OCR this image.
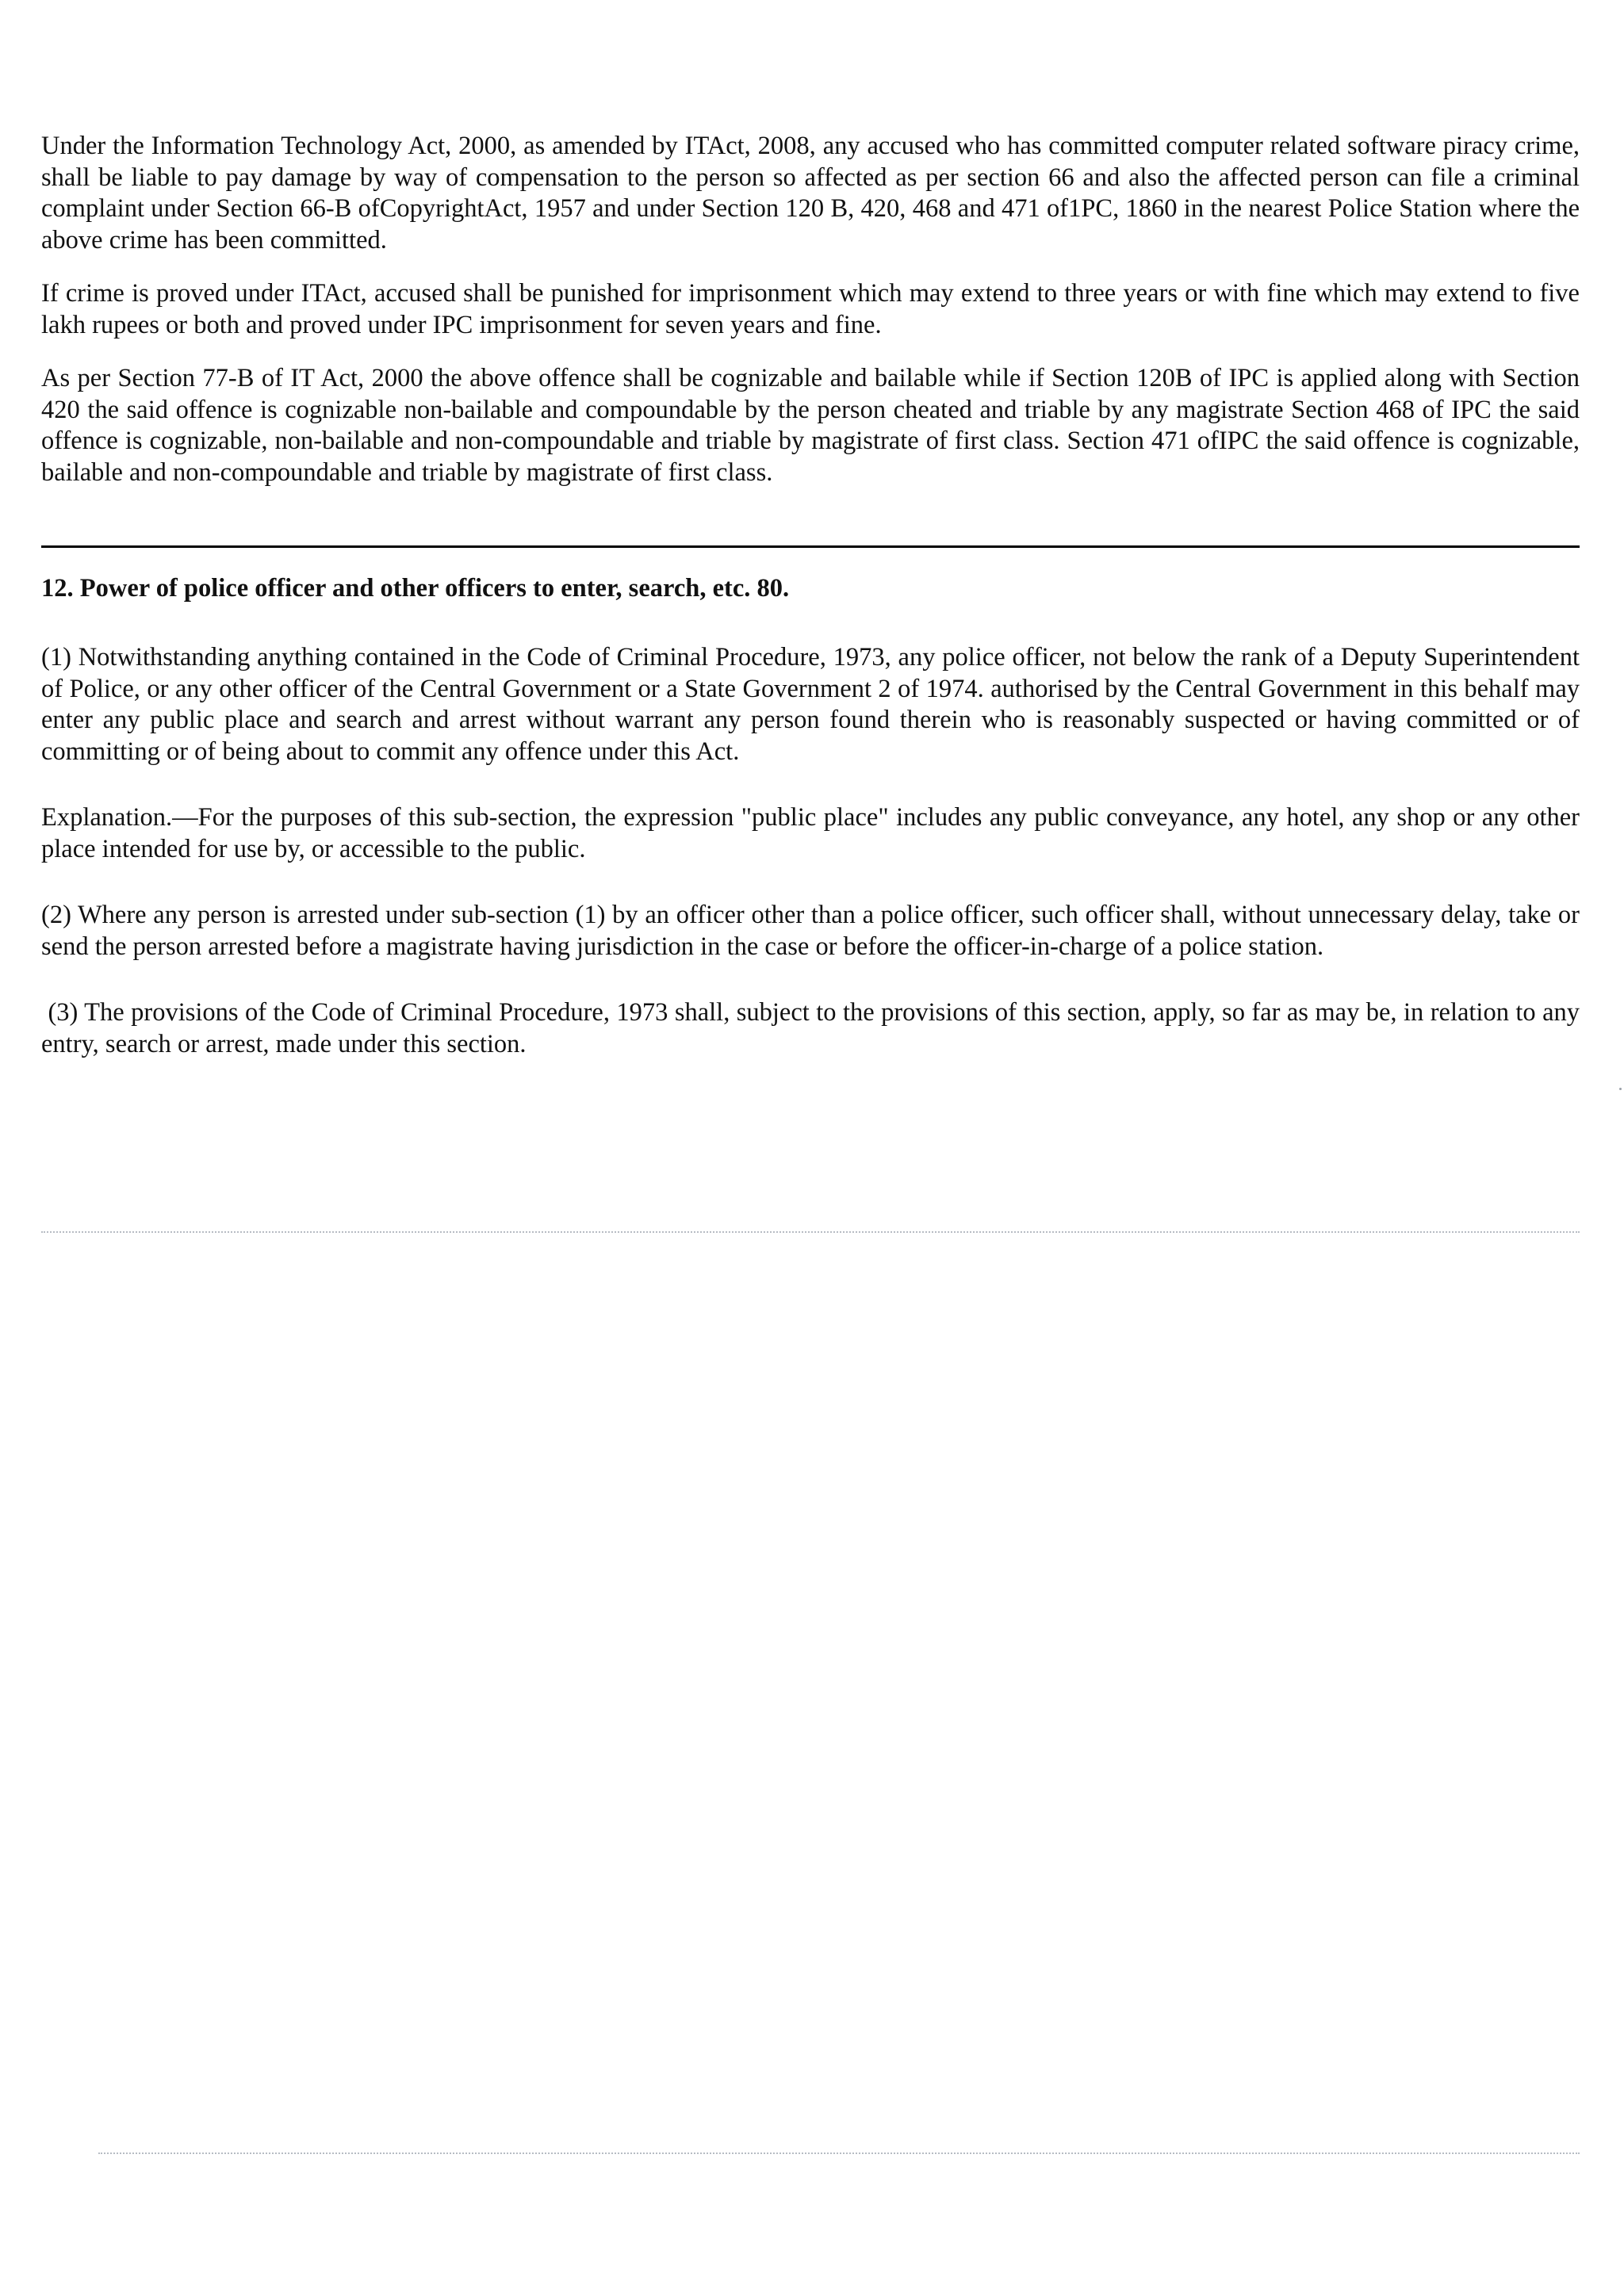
Under the Information Technology Act, 2000, as amended by ITAct, 2008, any accused who has committed computer related software piracy crime, shall be liable to pay damage by way of compensation to the person so affected as per section 66 and also the affected person can file a criminal complaint under Section 66-B ofCopyrightAct, 1957 and under Section 120 B, 420, 468 and 471 of1PC, 1860 in the nearest Police Station where the above crime has been committed.

If crime is proved under ITAct, accused shall be punished for imprisonment which may extend to three years or with fine which may extend to five lakh rupees or both and proved under IPC imprisonment for seven years and fine.

As per Section 77-B of IT Act, 2000 the above offence shall be cognizable and bailable while if Section 120B of IPC is applied along with Section 420 the said offence is cognizable non-bailable and compoundable by the person cheated and triable by any magistrate Section 468 of IPC the said offence is cognizable, non-bailable and non-compoundable and triable by magistrate of first class. Section 471 ofIPC the said offence is cognizable, bailable and non-compoundable and triable by magistrate of first class.

12. Power of police officer and other officers to enter, search, etc. 80.

(1) Notwithstanding anything contained in the Code of Criminal Procedure, 1973, any police officer, not below the rank of a Deputy Superintendent of Police, or any other officer of the Central Government or a State Government 2 of 1974. authorised by the Central Government in this behalf may enter any public place and search and arrest without warrant any person found therein who is reasonably suspected or having committed or of committing or of being about to commit any offence under this Act.

Explanation.—For the purposes of this sub-section, the expression "public place" includes any public conveyance, any hotel, any shop or any other place intended for use by, or accessible to the public.

(2) Where any person is arrested under sub-section (1) by an officer other than a police officer, such officer shall, without unnecessary delay, take or send the person arrested before a magistrate having jurisdiction in the case or before the officer-in-charge of a police station.

(3) The provisions of the Code of Criminal Procedure, 1973 shall, subject to the provisions of this section, apply, so far as may be, in relation to any entry, search or arrest, made under this section.
